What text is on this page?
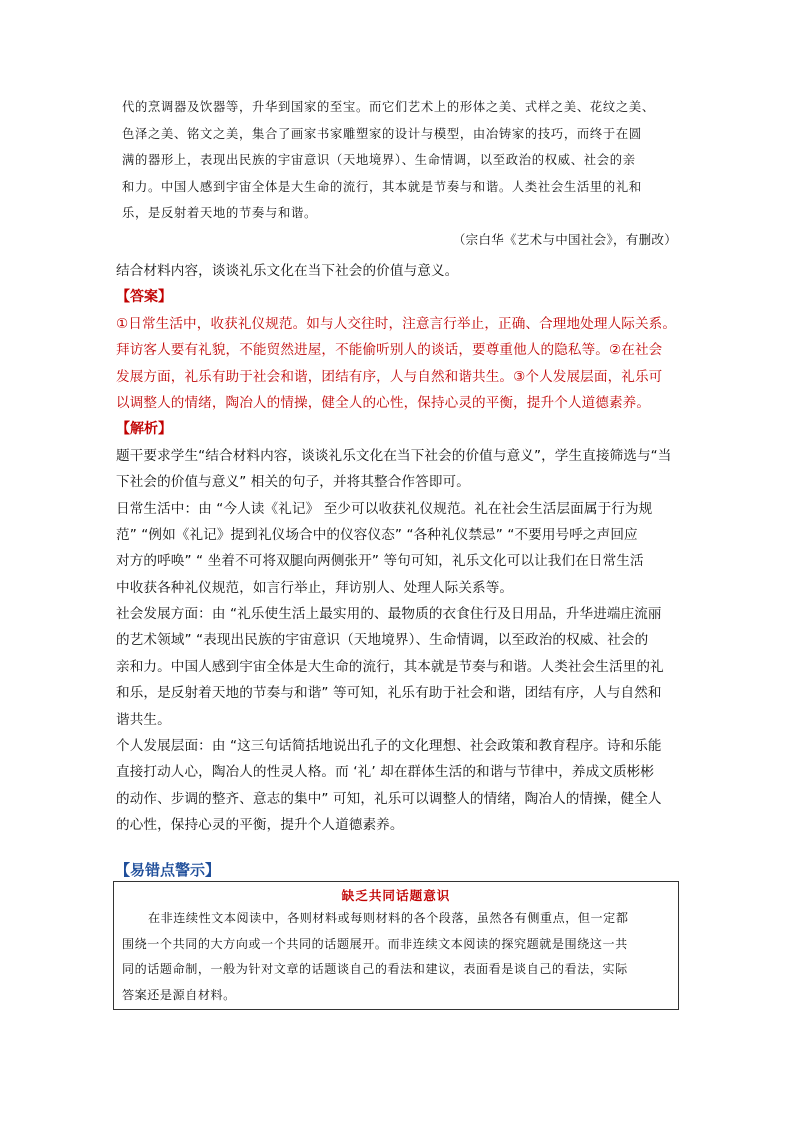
代的烹调器及饮器等，升华到国家的至宝。而它们艺术上的形体之美、式样之美、花纹之美、
色泽之美、铭文之美，集合了画家书家雕塑家的设计与模型，由冶铸家的技巧，而终于在圆
满的器形上，表现出民族的宇宙意识（天地境界）、生命情调，以至政治的权威、社会的亲
和力。中国人感到宇宙全体是大生命的流行，其本就是节奏与和谐。人类社会生活里的礼和
乐，是反射着天地的节奏与和谐。
（宗白华《艺术与中国社会》，有删改）
结合材料内容，谈谈礼乐文化在当下社会的价值与意义。
【答案】
①日常生活中，收获礼仪规范。如与人交往时，注意言行举止，正确、合理地处理人际关系。
拜访客人要有礼貌，不能贸然进屋，不能偷听别人的谈话，要尊重他人的隐私等。②在社会
发展方面，礼乐有助于社会和谐，团结有序，人与自然和谐共生。③个人发展层面，礼乐可
以调整人的情绪，陶冶人的情操，健全人的心性，保持心灵的平衡，提升个人道德素养。
【解析】
题干要求学生“结合材料内容，谈谈礼乐文化在当下社会的价值与意义”，学生直接筛选与“当
下社会的价值与意义” 相关的句子，并将其整合作答即可。
日常生活中：由 “今人读《礼记》 至少可以收获礼仪规范。礼在社会生活层面属于行为规
范” “例如《礼记》提到礼仪场合中的仪容仪态” “各种礼仪禁忌” “不要用号呼之声回应
对方的呼唤” “ 坐着不可将双腿向两侧张开” 等句可知，礼乐文化可以让我们在日常生活
中收获各种礼仪规范，如言行举止，拜访别人、处理人际关系等。
社会发展方面：由 “礼乐使生活上最实用的、最物质的衣食住行及日用品，升华进端庄流丽
的艺术领域” “表现出民族的宇宙意识（天地境界）、生命情调，以至政治的权威、社会的
亲和力。中国人感到宇宙全体是大生命的流行，其本就是节奏与和谐。人类社会生活里的礼
和乐，是反射着天地的节奏与和谐” 等可知，礼乐有助于社会和谐，团结有序，人与自然和
谐共生。
个人发展层面：由 “这三句话简括地说出孔子的文化理想、社会政策和教育程序。诗和乐能
直接打动人心，陶冶人的性灵人格。而 ‘礼’ 却在群体生活的和谐与节律中，养成文质彬彬
的动作、步调的整齐、意志的集中” 可知，礼乐可以调整人的情绪，陶冶人的情操，健全人
的心性，保持心灵的平衡，提升个人道德素养。
【易错点警示】
缺乏共同话题意识
在非连续性文本阅读中，各则材料或每则材料的各个段落，虽然各有侧重点，但一定都
围绕一个共同的大方向或一个共同的话题展开。而非连续文本阅读的探究题就是围绕这一共
同的话题命制，一般为针对文章的话题谈自己的看法和建议，表面看是谈自己的看法，实际
答案还是源自材料。
